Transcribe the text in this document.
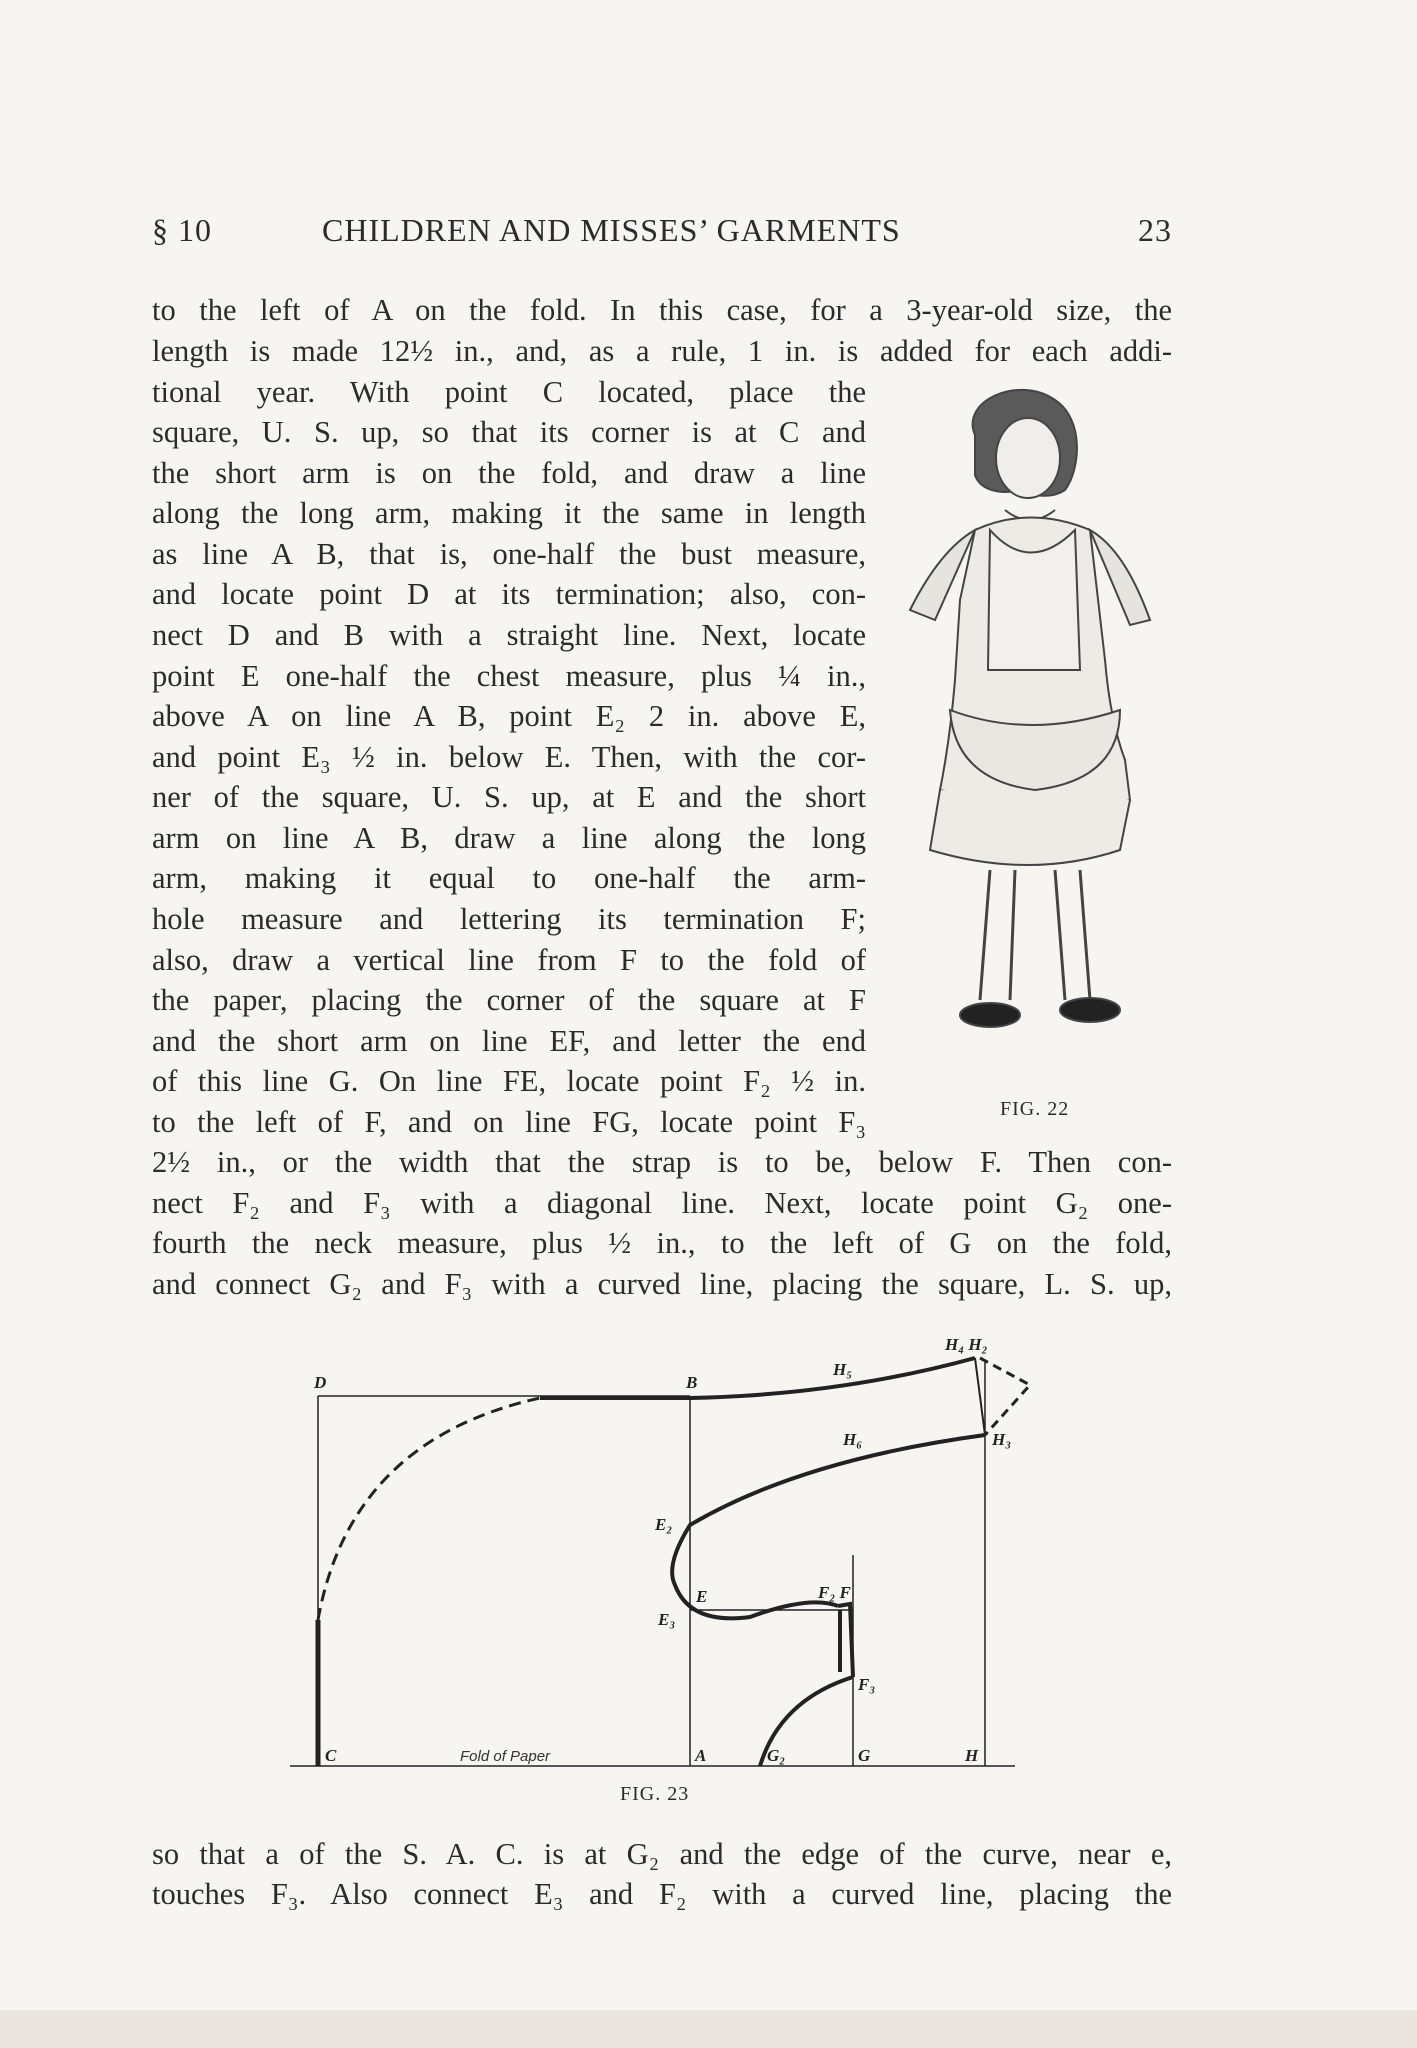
§ 10	CHILDREN AND MISSES’ GARMENTS	23
to the left of A on the fold. In this case, for a 3-year-old size, the
length is made 12½ in., and, as a rule, 1 in. is added for each addi-
tional year. With point C located, place the
square, U. S. up, so that its corner is at C and
the short arm is on the fold, and draw a line
along the long arm, making it the same in length
as line A B, that is, one-half the bust measure,
and locate point D at its termination; also, con-
nect D and B with a straight line. Next, locate
point E one-half the chest measure, plus ¼ in.,
above A on line A B, point E₂ 2 in. above E,
and point E₃ ½ in. below E. Then, with the cor-
ner of the square, U. S. up, at E and the short
arm on line A B, draw a line along the long
arm, making it equal to one-half the arm-
hole measure and lettering its termination F;
also, draw a vertical line from F to the fold of
the paper, placing the corner of the square at F
and the short arm on line EF, and letter the end
of this line G. On line FE, locate point F₂ ½ in.
to the left of F, and on line FG, locate point F₃
2½ in., or the width that the strap is to be, below F. Then con-
nect F₂ and F₃ with a diagonal line. Next, locate point G₂ one-
fourth the neck measure, plus ½ in., to the left of G on the fold,
and connect G₂ and F₃ with a curved line, placing the square, L. S. up,
FIG. 22
D	B
H₅
H₄ H₂
H₆	H₃
E₂
E
E₃
F₂ F
F₃
C	Fold of Paper	A	G₂	G	H
FIG. 23
so that a of the S. A. C. is at G₂ and the edge of the curve, near e,
touches F₃. Also connect E₃ and F₂ with a curved line, placing the
